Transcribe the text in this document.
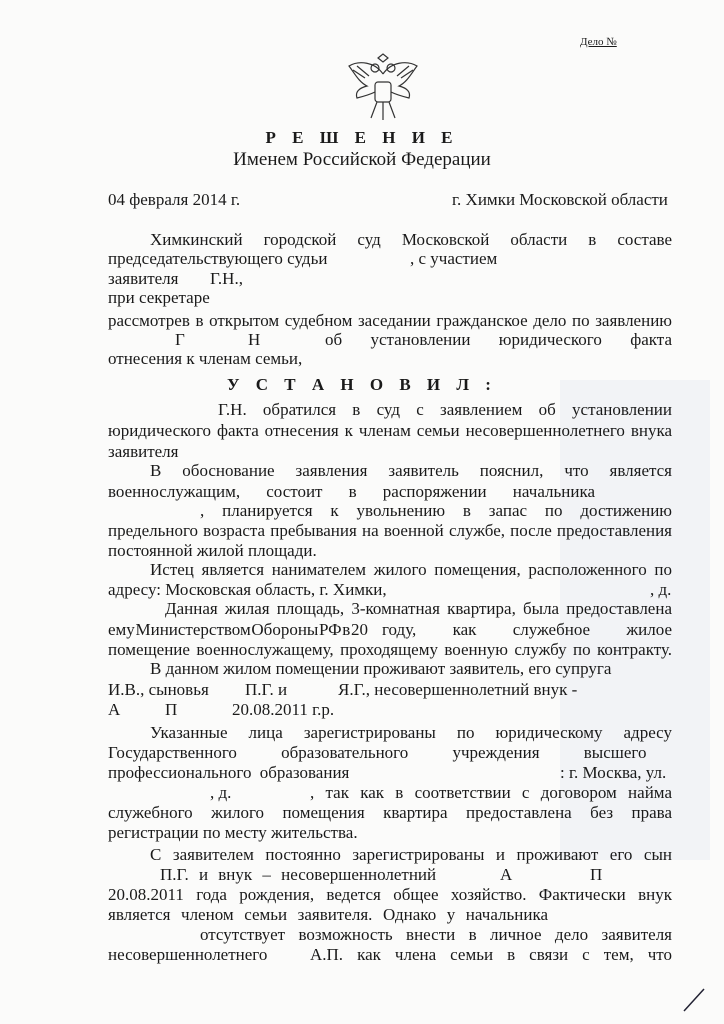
Дело №
Р Е Ш Е Н И Е
Именем Российской Федерации
04 февраля 2014 г.	г. Химки Московской области
Химкинский городской суд Московской области в составе
председательствующего судьи	, с участием
заявителя Г.Н.,
при секретаре
рассмотрев в открытом судебном заседании гражданское дело по заявлению
Г	Н	об установлении юридического факта
отнесения к членам семьи,
У С Т А Н О В И Л :
Г.Н. обратился в суд с заявлением об установлении
юридического факта отнесения к членам семьи несовершеннолетнего внука
заявителя
В обоснование заявления заявитель пояснил, что является
военнослужащим, состоит в распоряжении начальника
, планируется к увольнению в запас по достижению
предельного возраста пребывания на военной службе, после предоставления
постоянной жилой площади.
Истец является нанимателем жилого помещения, расположенного по
адресу: Московская область, г. Химки,	, д.
Данная жилая площадь, 3-комнатная квартира, была предоставлена
ему Министерством Обороны РФ в 20 году, как служебное жилое
помещение военнослужащему, проходящему военную службу по контракту.
В данном жилом помещении проживают заявитель, его супруга
И.В., сыновья П.Г. и	Я.Г., несовершеннолетний внук -
А	П	20.08.2011 г.р.
Указанные лица зарегистрированы по юридическому адресу
Государственного образовательного учреждения высшего
профессионального образования	: г. Москва, ул.
, д.	, так как в соответствии с договором найма
служебного жилого помещения квартира предоставлена без права
регистрации по месту жительства.
С заявителем постоянно зарегистрированы и проживают его сын
П.Г. и внук – несовершеннолетний	А	П
20.08.2011 года рождения, ведется общее хозяйство. Фактически внук
является членом семьи заявителя. Однако у начальника
отсутствует возможность внести в личное дело заявителя
несовершеннолетнего	А.П. как члена семьи в связи с тем, что
